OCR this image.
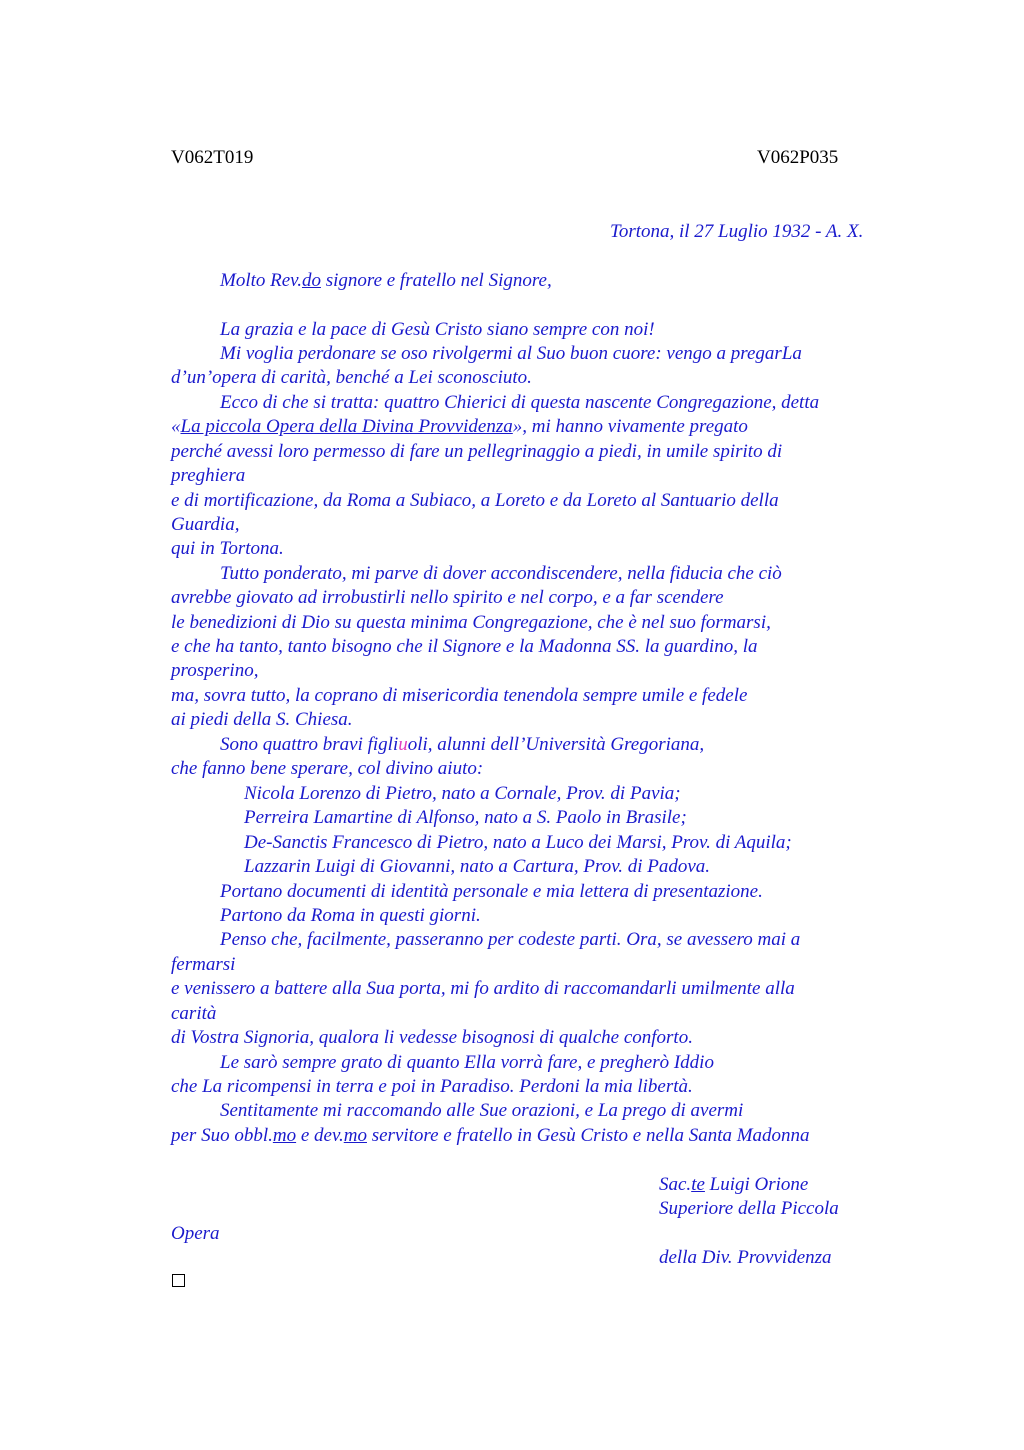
V062T019	V062P035
Tortona, il 27 Luglio 1932 - A. X.
Molto Rev.do signore e fratello nel Signore,
La grazia e la pace di Gesù Cristo siano sempre con noi!
Mi voglia perdonare se oso rivolgermi al Suo buon cuore: vengo a pregarLa
d’un’opera di carità, benché a Lei sconosciuto.
Ecco di che si tratta: quattro Chierici di questa nascente Congregazione, detta
«La piccola Opera della Divina Provvidenza», mi hanno vivamente pregato
perché avessi loro permesso di fare un pellegrinaggio a piedi, in umile spirito di
preghiera
e di mortificazione, da Roma a Subiaco, a Loreto e da Loreto al Santuario della
Guardia,
qui in Tortona.
Tutto ponderato, mi parve di dover accondiscendere, nella fiducia che ciò
avrebbe giovato ad irrobustirli nello spirito e nel corpo, e a far scendere
le benedizioni di Dio su questa minima Congregazione, che è nel suo formarsi,
e che ha tanto, tanto bisogno che il Signore e la Madonna SS. la guardino, la
prosperino,
ma, sovra tutto, la coprano di misericordia tenendola sempre umile e fedele
ai piedi della S. Chiesa.
Sono quattro bravi figliuoli, alunni dell’Università Gregoriana,
che fanno bene sperare, col divino aiuto:
Nicola Lorenzo di Pietro, nato a Cornale, Prov. di Pavia;
Perreira Lamartine di Alfonso, nato a S. Paolo in Brasile;
De-Sanctis Francesco di Pietro, nato a Luco dei Marsi, Prov. di Aquila;
Lazzarin Luigi di Giovanni, nato a Cartura, Prov. di Padova.
Portano documenti di identità personale e mia lettera di presentazione.
Partono da Roma in questi giorni.
Penso che, facilmente, passeranno per codeste parti. Ora, se avessero mai a
fermarsi
e venissero a battere alla Sua porta, mi fo ardito di raccomandarli umilmente alla
carità
di Vostra Signoria, qualora li vedesse bisognosi di qualche conforto.
Le sarò sempre grato di quanto Ella vorrà fare, e pregherò Iddio
che La ricompensi in terra e poi in Paradiso. Perdoni la mia libertà.
Sentitamente mi raccomando alle Sue orazioni, e La prego di avermi
per Suo obbl.mo e dev.mo servitore e fratello in Gesù Cristo e nella Santa Madonna
Sac.te Luigi Orione
Superiore della Piccola
Opera
della Div. Provvidenza
